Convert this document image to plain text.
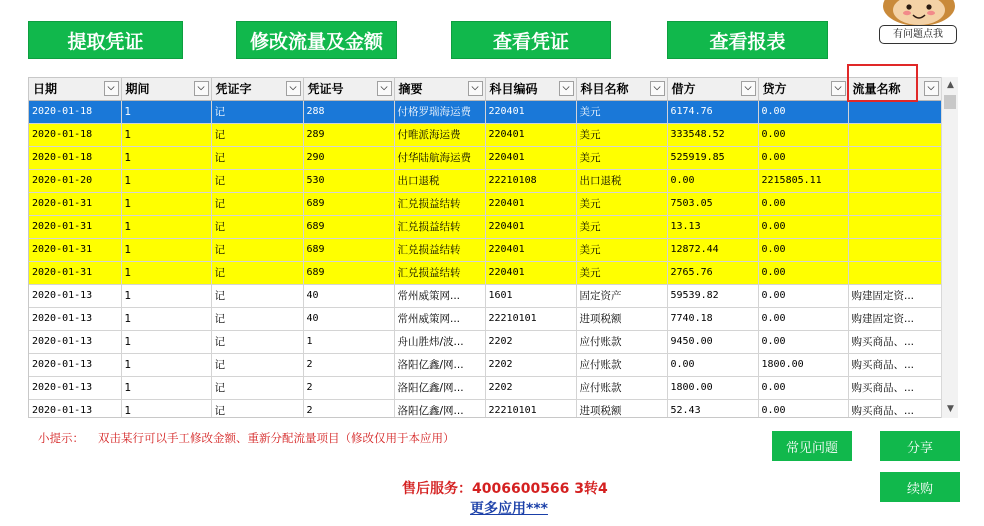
提取凭证	修改流量及金额	查看凭证	查看报表	有问题点我
日期 ⌵	期间 ⌵	凭证字 ⌵	凭证号 ⌵	摘要 ⌵	科目编码 ⌵	科目名称 ⌵	借方 ⌵	贷方 ⌵	流量名称 ⌵

2020-01-18	1	记	288	付格罗瑞海运费	220401	美元	6174.76	0.00	
2020-01-18	1	记	289	付唯派海运费	220401	美元	333548.52	0.00	
2020-01-18	1	记	290	付华陆航海运费	220401	美元	525919.85	0.00	
2020-01-20	1	记	530	出口退税	22210108	出口退税	0.00	2215805.11	
2020-01-31	1	记	689	汇兑损益结转	220401	美元	7503.05	0.00	
2020-01-31	1	记	689	汇兑损益结转	220401	美元	13.13	0.00	
2020-01-31	1	记	689	汇兑损益结转	220401	美元	12872.44	0.00	
2020-01-31	1	记	689	汇兑损益结转	220401	美元	2765.76	0.00	
2020-01-13	1	记	40	常州威策网...	1601	固定资产	59539.82	0.00	购建固定资...
2020-01-13	1	记	40	常州威策网...	22210101	进项税额	7740.18	0.00	购建固定资...
2020-01-13	1	记	1	舟山胜炜/波...	2202	应付账款	9450.00	0.00	购买商品、...
2020-01-13	1	记	2	洛阳亿鑫/网...	2202	应付账款	0.00	1800.00	购买商品、...
2020-01-13	1	记	2	洛阳亿鑫/网...	2202	应付账款	1800.00	0.00	购买商品、...
2020-01-13	1	记	2	洛阳亿鑫/网...	22210101	进项税额	52.43	0.00	购买商品、...
▲
▼
小提示： 双击某行可以手工修改金额、重新分配流量项目（修改仅用于本应用）
常见问题	分享
续购
售后服务：4006600566 3转4
更多应用***
